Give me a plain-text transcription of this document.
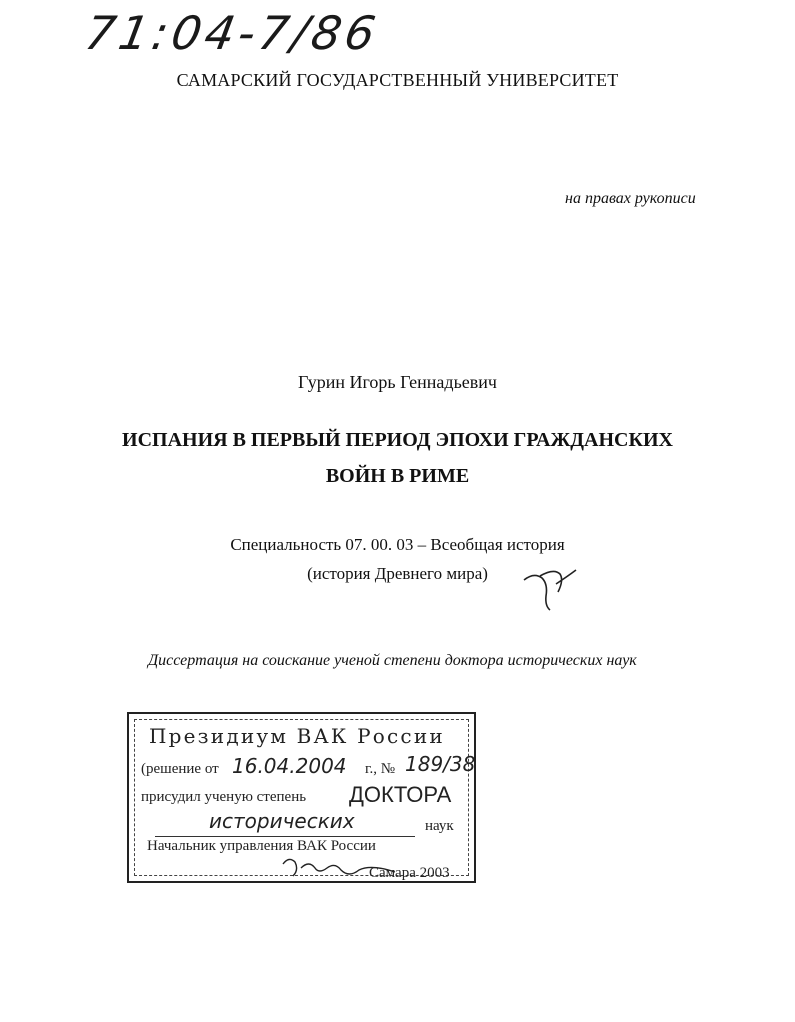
71:04-7/86
САМАРСКИЙ ГОСУДАРСТВЕННЫЙ УНИВЕРСИТЕТ
на правах рукописи
Гурин Игорь Геннадьевич
ИСПАНИЯ В ПЕРВЫЙ ПЕРИОД ЭПОХИ ГРАЖДАНСКИХ
ВОЙН В РИМЕ
Специальность 07. 00. 03 – Всеобщая история
(история Древнего мира)
Диссертация на соискание ученой степени доктора исторических наук
Президиум ВАК России
(решение от 16.04.2004 г., № 189/38
присудил ученую степень ДОКТОРА
исторических	наук
Начальник управления ВАК России
Самара 2003
